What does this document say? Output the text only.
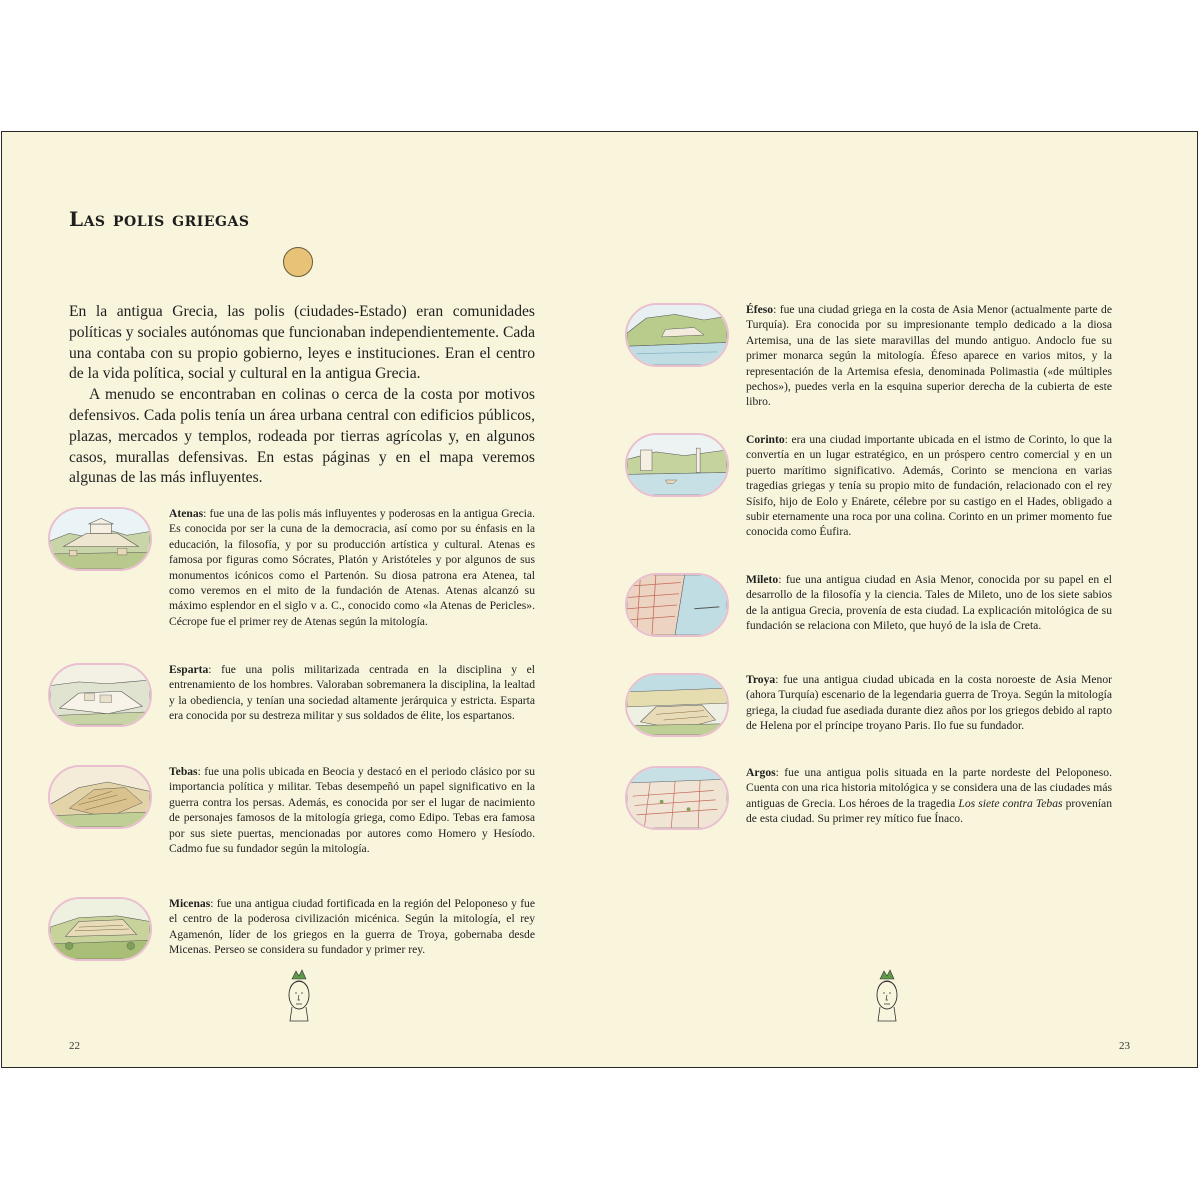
Las polis griegas

En la antigua Grecia, las polis (ciudades-Estado) eran comunidades políticas y sociales autónomas que funcionaban independientemente. Cada una contaba con su propio gobierno, leyes e instituciones. Eran el centro de la vida política, social y cultural en la antigua Grecia.

A menudo se encontraban en colinas o cerca de la costa por motivos defensivos. Cada polis tenía un área urbana central con edificios públicos, plazas, mercados y templos, rodeada por tierras agrícolas y, en algunos casos, murallas defensivas. En estas páginas y en el mapa veremos algunas de las más influyentes.

Atenas: fue una de las polis más influyentes y poderosas en la antigua Grecia. Es conocida por ser la cuna de la democracia, así como por su énfasis en la educación, la filosofía, y por su producción artística y cultural. Atenas es famosa por figuras como Sócrates, Platón y Aristóteles y por algunos de sus monumentos icónicos como el Partenón. Su diosa patrona era Atenea, tal como veremos en el mito de la fundación de Atenas. Atenas alcanzó su máximo esplendor en el siglo v a. C., conocido como «la Atenas de Pericles». Cécrope fue el primer rey de Atenas según la mitología.

Esparta: fue una polis militarizada centrada en la disciplina y el entrenamiento de los hombres. Valoraban sobremanera la disciplina, la lealtad y la obediencia, y tenían una sociedad altamente jerárquica y estricta. Esparta era conocida por su destreza militar y sus soldados de élite, los espartanos.

Tebas: fue una polis ubicada en Beocia y destacó en el periodo clásico por su importancia política y militar. Tebas desempeñó un papel significativo en la guerra contra los persas. Además, es conocida por ser el lugar de nacimiento de personajes famosos de la mitología griega, como Edipo. Tebas era famosa por sus siete puertas, mencionadas por autores como Homero y Hesíodo. Cadmo fue su fundador según la mitología.

Micenas: fue una antigua ciudad fortificada en la región del Peloponeso y fue el centro de la poderosa civilización micénica. Según la mitología, el rey Agamenón, líder de los griegos en la guerra de Troya, gobernaba desde Micenas. Perseo se considera su fundador y primer rey.

22

Éfeso: fue una ciudad griega en la costa de Asia Menor (actualmente parte de Turquía). Era conocida por su impresionante templo dedicado a la diosa Artemisa, una de las siete maravillas del mundo antiguo. Andoclo fue su primer monarca según la mitología. Éfeso aparece en varios mitos, y la representación de la Artemisa efesia, denominada Polimastia («de múltiples pechos»), puedes verla en la esquina superior derecha de la cubierta de este libro.

Corinto: era una ciudad importante ubicada en el istmo de Corinto, lo que la convertía en un lugar estratégico, en un próspero centro comercial y en un puerto marítimo significativo. Además, Corinto se menciona en varias tragedias griegas y tenía su propio mito de fundación, relacionado con el rey Sísifo, hijo de Eolo y Enárete, célebre por su castigo en el Hades, obligado a subir eternamente una roca por una colina. Corinto en un primer momento fue conocida como Éufira.

Mileto: fue una antigua ciudad en Asia Menor, conocida por su papel en el desarrollo de la filosofía y la ciencia. Tales de Mileto, uno de los siete sabios de la antigua Grecia, provenía de esta ciudad. La explicación mitológica de su fundación se relaciona con Mileto, que huyó de la isla de Creta.

Troya: fue una antigua ciudad ubicada en la costa noroeste de Asia Menor (ahora Turquía) escenario de la legendaria guerra de Troya. Según la mitología griega, la ciudad fue asediada durante diez años por los griegos debido al rapto de Helena por el príncipe troyano Paris. Ilo fue su fundador.

Argos: fue una antigua polis situada en la parte nordeste del Peloponeso. Cuenta con una rica historia mitológica y se considera una de las ciudades más antiguas de Grecia. Los héroes de la tragedia Los siete contra Tebas provenían de esta ciudad. Su primer rey mítico fue Ínaco.

23
